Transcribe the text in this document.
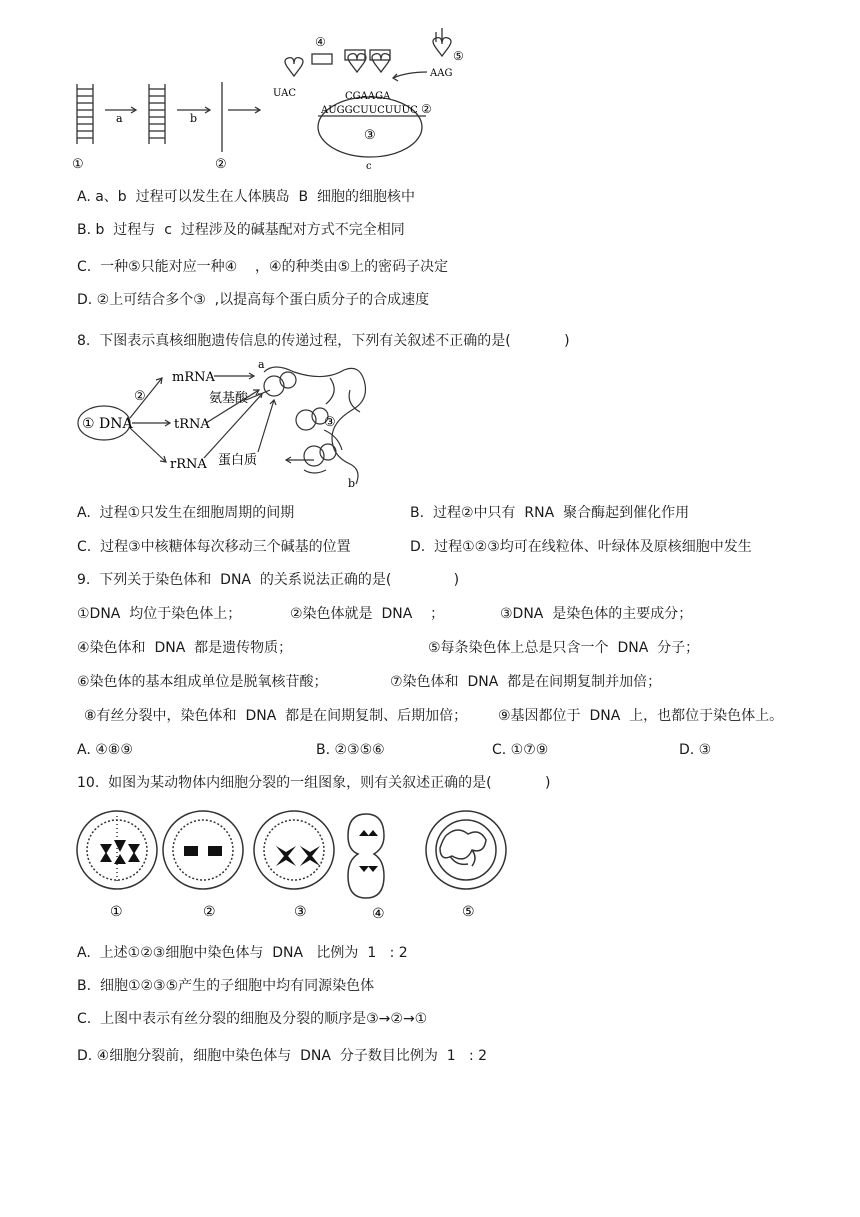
①
a	b
②
④
⑤
UAC
AAG
CGAAGA
AUGGCUUCUUUC ②
③
c
A. a、b  过程可以发生在人体胰岛  B  细胞的细胞核中
B. b  过程与  c  过程涉及的碱基配对方式不完全相同
C.  一种⑤只能对应一种④    ，④的种类由⑤上的密码子决定
D. ②上可结合多个③  ,以提高每个蛋白质分子的合成速度
8.  下图表示真核细胞遗传信息的传递过程，下列有关叙述不正确的是(            )
① DNA
②
mRNA
tRNA
rRNA
氨基酸
蛋白质
a
③
b
A.  过程①只发生在细胞周期的间期	B.  过程②中只有  RNA  聚合酶起到催化作用
C.  过程③中核糖体每次移动三个碱基的位置	D.  过程①②③均可在线粒体、叶绿体及原核细胞中发生
9.  下列关于染色体和  DNA  的关系说法正确的是(              )
①DNA  均位于染色体上；	②染色体就是  DNA    ；	③DNA  是染色体的主要成分；
④染色体和  DNA  都是遗传物质；	⑤每条染色体上总是只含一个  DNA  分子；
⑥染色体的基本组成单位是脱氧核苷酸；	⑦染色体和  DNA  都是在间期复制并加倍；
⑧有丝分裂中，染色体和  DNA  都是在间期复制、后期加倍； ⑨基因都位于  DNA  上，也都位于染色体上。
A. ④⑧⑨	B. ②③⑤⑥	C. ①⑦⑨	D. ③
10.  如图为某动物体内细胞分裂的一组图象，则有关叙述正确的是(            )
①	②	③	④	⑤
A.  上述①②③细胞中染色体与  DNA   比例为  1   : 2
B.  细胞①②③⑤产生的子细胞中均有同源染色体
C.  上图中表示有丝分裂的细胞及分裂的顺序是③→②→①
D. ④细胞分裂前，细胞中染色体与  DNA  分子数目比例为  1   : 2
